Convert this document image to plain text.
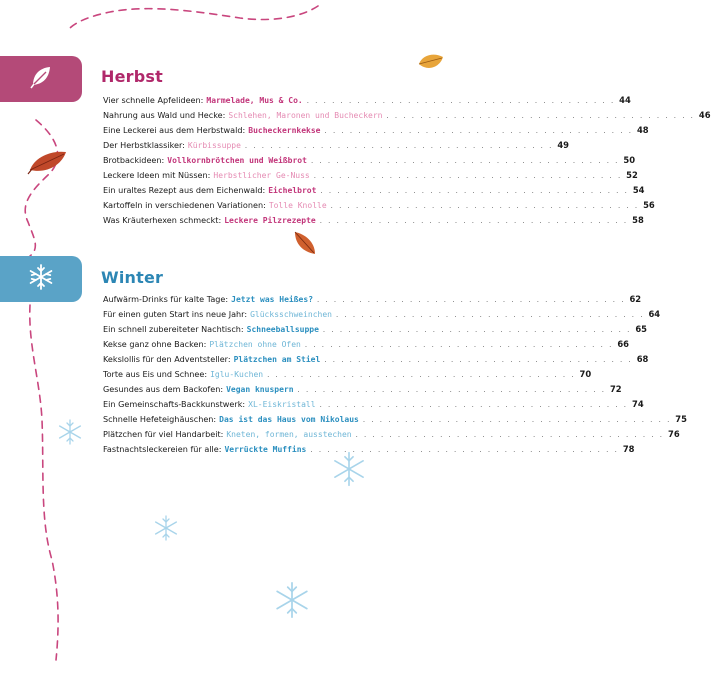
Herbst
Vier schnelle Apfelideen: Marmelade, Mus & Co. . . . . . . . . . . . . . . . . . . . . . . . . . . . . . . . . . . . . . 44
Nahrung aus Wald und Hecke: Schlehen, Maronen und Bucheckern . . . . . . . . . . . . . . . . . . . . . . . . . . . . . . . . . . . . . 46
Eine Leckerei aus dem Herbstwald: Bucheckernkekse . . . . . . . . . . . . . . . . . . . . . . . . . . . . . . . . . . . . . 48
Der Herbstklassiker: Kürbissuppe . . . . . . . . . . . . . . . . . . . . . . . . . . . . . . . . . . . . . 49
Brotbackideen: Vollkornbrötchen und Weißbrot . . . . . . . . . . . . . . . . . . . . . . . . . . . . . . . . . . . . . 50
Leckere Ideen mit Nüssen: Herbstlicher Ge-Nuss . . . . . . . . . . . . . . . . . . . . . . . . . . . . . . . . . . . . . 52
Ein uraltes Rezept aus dem Eichenwald: Eichelbrot . . . . . . . . . . . . . . . . . . . . . . . . . . . . . . . . . . . . . 54
Kartoffeln in verschiedenen Variationen: Tolle Knolle . . . . . . . . . . . . . . . . . . . . . . . . . . . . . . . . . . . . . 56
Was Kräuterhexen schmeckt: Leckere Pilzrezepte . . . . . . . . . . . . . . . . . . . . . . . . . . . . . . . . . . . . . 58
Winter
Aufwärm-Drinks für kalte Tage: Jetzt was Heißes? . . . . . . . . . . . . . . . . . . . . . . . . . . . . . . . . . . . . . 62
Für einen guten Start ins neue Jahr: Glücksschweinchen . . . . . . . . . . . . . . . . . . . . . . . . . . . . . . . . . . . . . 64
Ein schnell zubereiteter Nachtisch: Schneeballsuppe . . . . . . . . . . . . . . . . . . . . . . . . . . . . . . . . . . . . . 65
Kekse ganz ohne Backen: Plätzchen ohne Ofen . . . . . . . . . . . . . . . . . . . . . . . . . . . . . . . . . . . . . 66
Kekslollis für den Adventsteller: Plätzchen am Stiel . . . . . . . . . . . . . . . . . . . . . . . . . . . . . . . . . . . . . 68
Torte aus Eis und Schnee: Iglu-Kuchen . . . . . . . . . . . . . . . . . . . . . . . . . . . . . . . . . . . . . 70
Gesundes aus dem Backofen: Vegan knuspern . . . . . . . . . . . . . . . . . . . . . . . . . . . . . . . . . . . . . 72
Ein Gemeinschafts-Backkunstwerk: XL-Eiskristall . . . . . . . . . . . . . . . . . . . . . . . . . . . . . . . . . . . . . 74
Schnelle Hefeteighäuschen: Das ist das Haus vom Nikolaus . . . . . . . . . . . . . . . . . . . . . . . . . . . . . . . . . . . . . 75
Plätzchen für viel Handarbeit: Kneten, formen, ausstechen . . . . . . . . . . . . . . . . . . . . . . . . . . . . . . . . . . . . . 76
Fastnachtsleckereien für alle: Verrückte Muffins . . . . . . . . . . . . . . . . . . . . . . . . . . . . . . . . . . . . . 78
